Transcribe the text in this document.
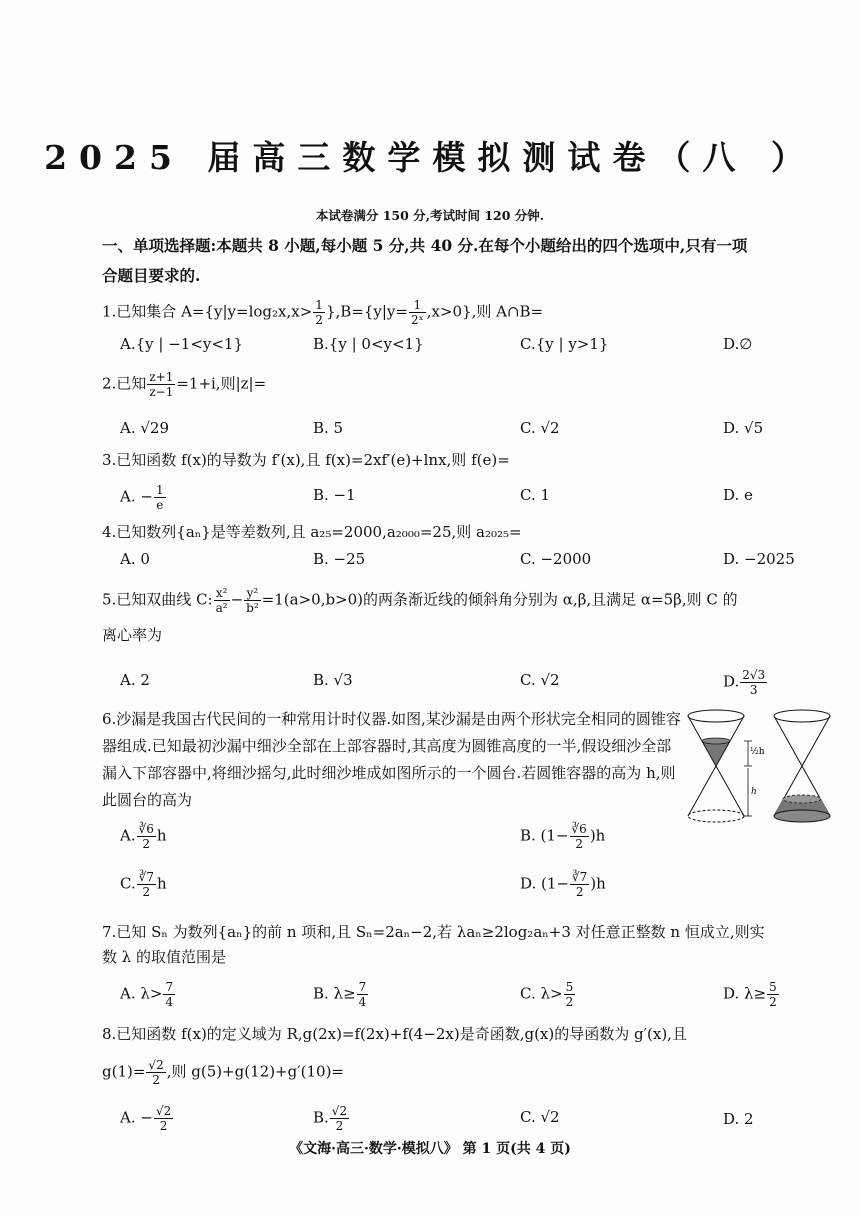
2025 届高三数学模拟测试卷（八 ）
本试卷满分 150 分,考试时间 120 分钟.
一、单项选择题:本题共 8 小题,每小题 5 分,共 40 分.在每个小题给出的四个选项中,只有一项
合题目要求的.
1.已知集合 $A=\{y|y=\log_2x,x> \frac{1}{2} \},B=\{y|y= \frac{1}{\text{2ˣ}} ,x>0\}$,则 A∩B=
A.{y | −1<y<1}	B.{y | 0<y<1}	C.{y | y>1}	D.∅
2.已知 $\frac{z+1}{z-1} =1+i$,则|z|=
A. √29	B. 5	C. √2	D. √5
3.已知函数 f(x)的导数为 f′(x),且 f(x)=2xf′(e)+lnx,则 f(e)=
A. − $\frac{1}{e}$	B. −1	C. 1	D. e
4.已知数列{aₙ}是等差数列,且 a₂₅=2000,a₂₀₀₀=25,则 a₂₀₂₅=
A. 0	B. −25	C. −2000	D. −2025
5.已知双曲线 C: $\frac{\text{x²}}{\text{a²}} - \frac{\text{y²}}{\text{b²}} =1(a>0,b>0)$的两条渐近线的倾斜角分别为 α,β,且满足 α=5β,则 C 的
离心率为
A. 2	B. √3	C. √2	D. $\frac{2√3}{3}$
6.沙漏是我国古代民间的一种常用计时仪器.如图,某沙漏是由两个形状完全相同的圆锥容器组成.已知最初沙漏中细沙全部在上部容器时,其高度为圆锥高度的一半,假设细沙全部漏入下部容器中,将细沙摇匀,此时细沙堆成如图所示的一个圆台.若圆锥容器的高为 h,则此圆台的高为
½h
h
A. $\frac{∛6}{2}$ h	B. $(1- \frac{∛6}{2} )h$
C. $\frac{∛7}{2}$ h	D. $(1- \frac{∛7}{2} )h$
7.已知 Sₙ 为数列{aₙ}的前 n 项和,且 Sₙ=2aₙ−2,若 λaₙ≥2log₂aₙ+3 对任意正整数 n 恒成立,则实
数 λ 的取值范围是
A. $\lambda> \frac{7}{4}$	B. $\lambda\ge \frac{7}{4}$	C. $\lambda> \frac{5}{2}$	D. $\lambda\ge \frac{5}{2}$
8.已知函数 f(x)的定义域为 R,g(2x)=f(2x)+f(4−2x)是奇函数,g(x)的导函数为 g′(x),且
$g(1)= \frac{√2}{2}$ ,则 g(5)+g(12)+g′(10)=
A. − $\frac{√2}{2}$	B. $\frac{√2}{2}$	C. √2	D. 2
《文海·高三·数学·模拟八》 第 1 页(共 4 页)
